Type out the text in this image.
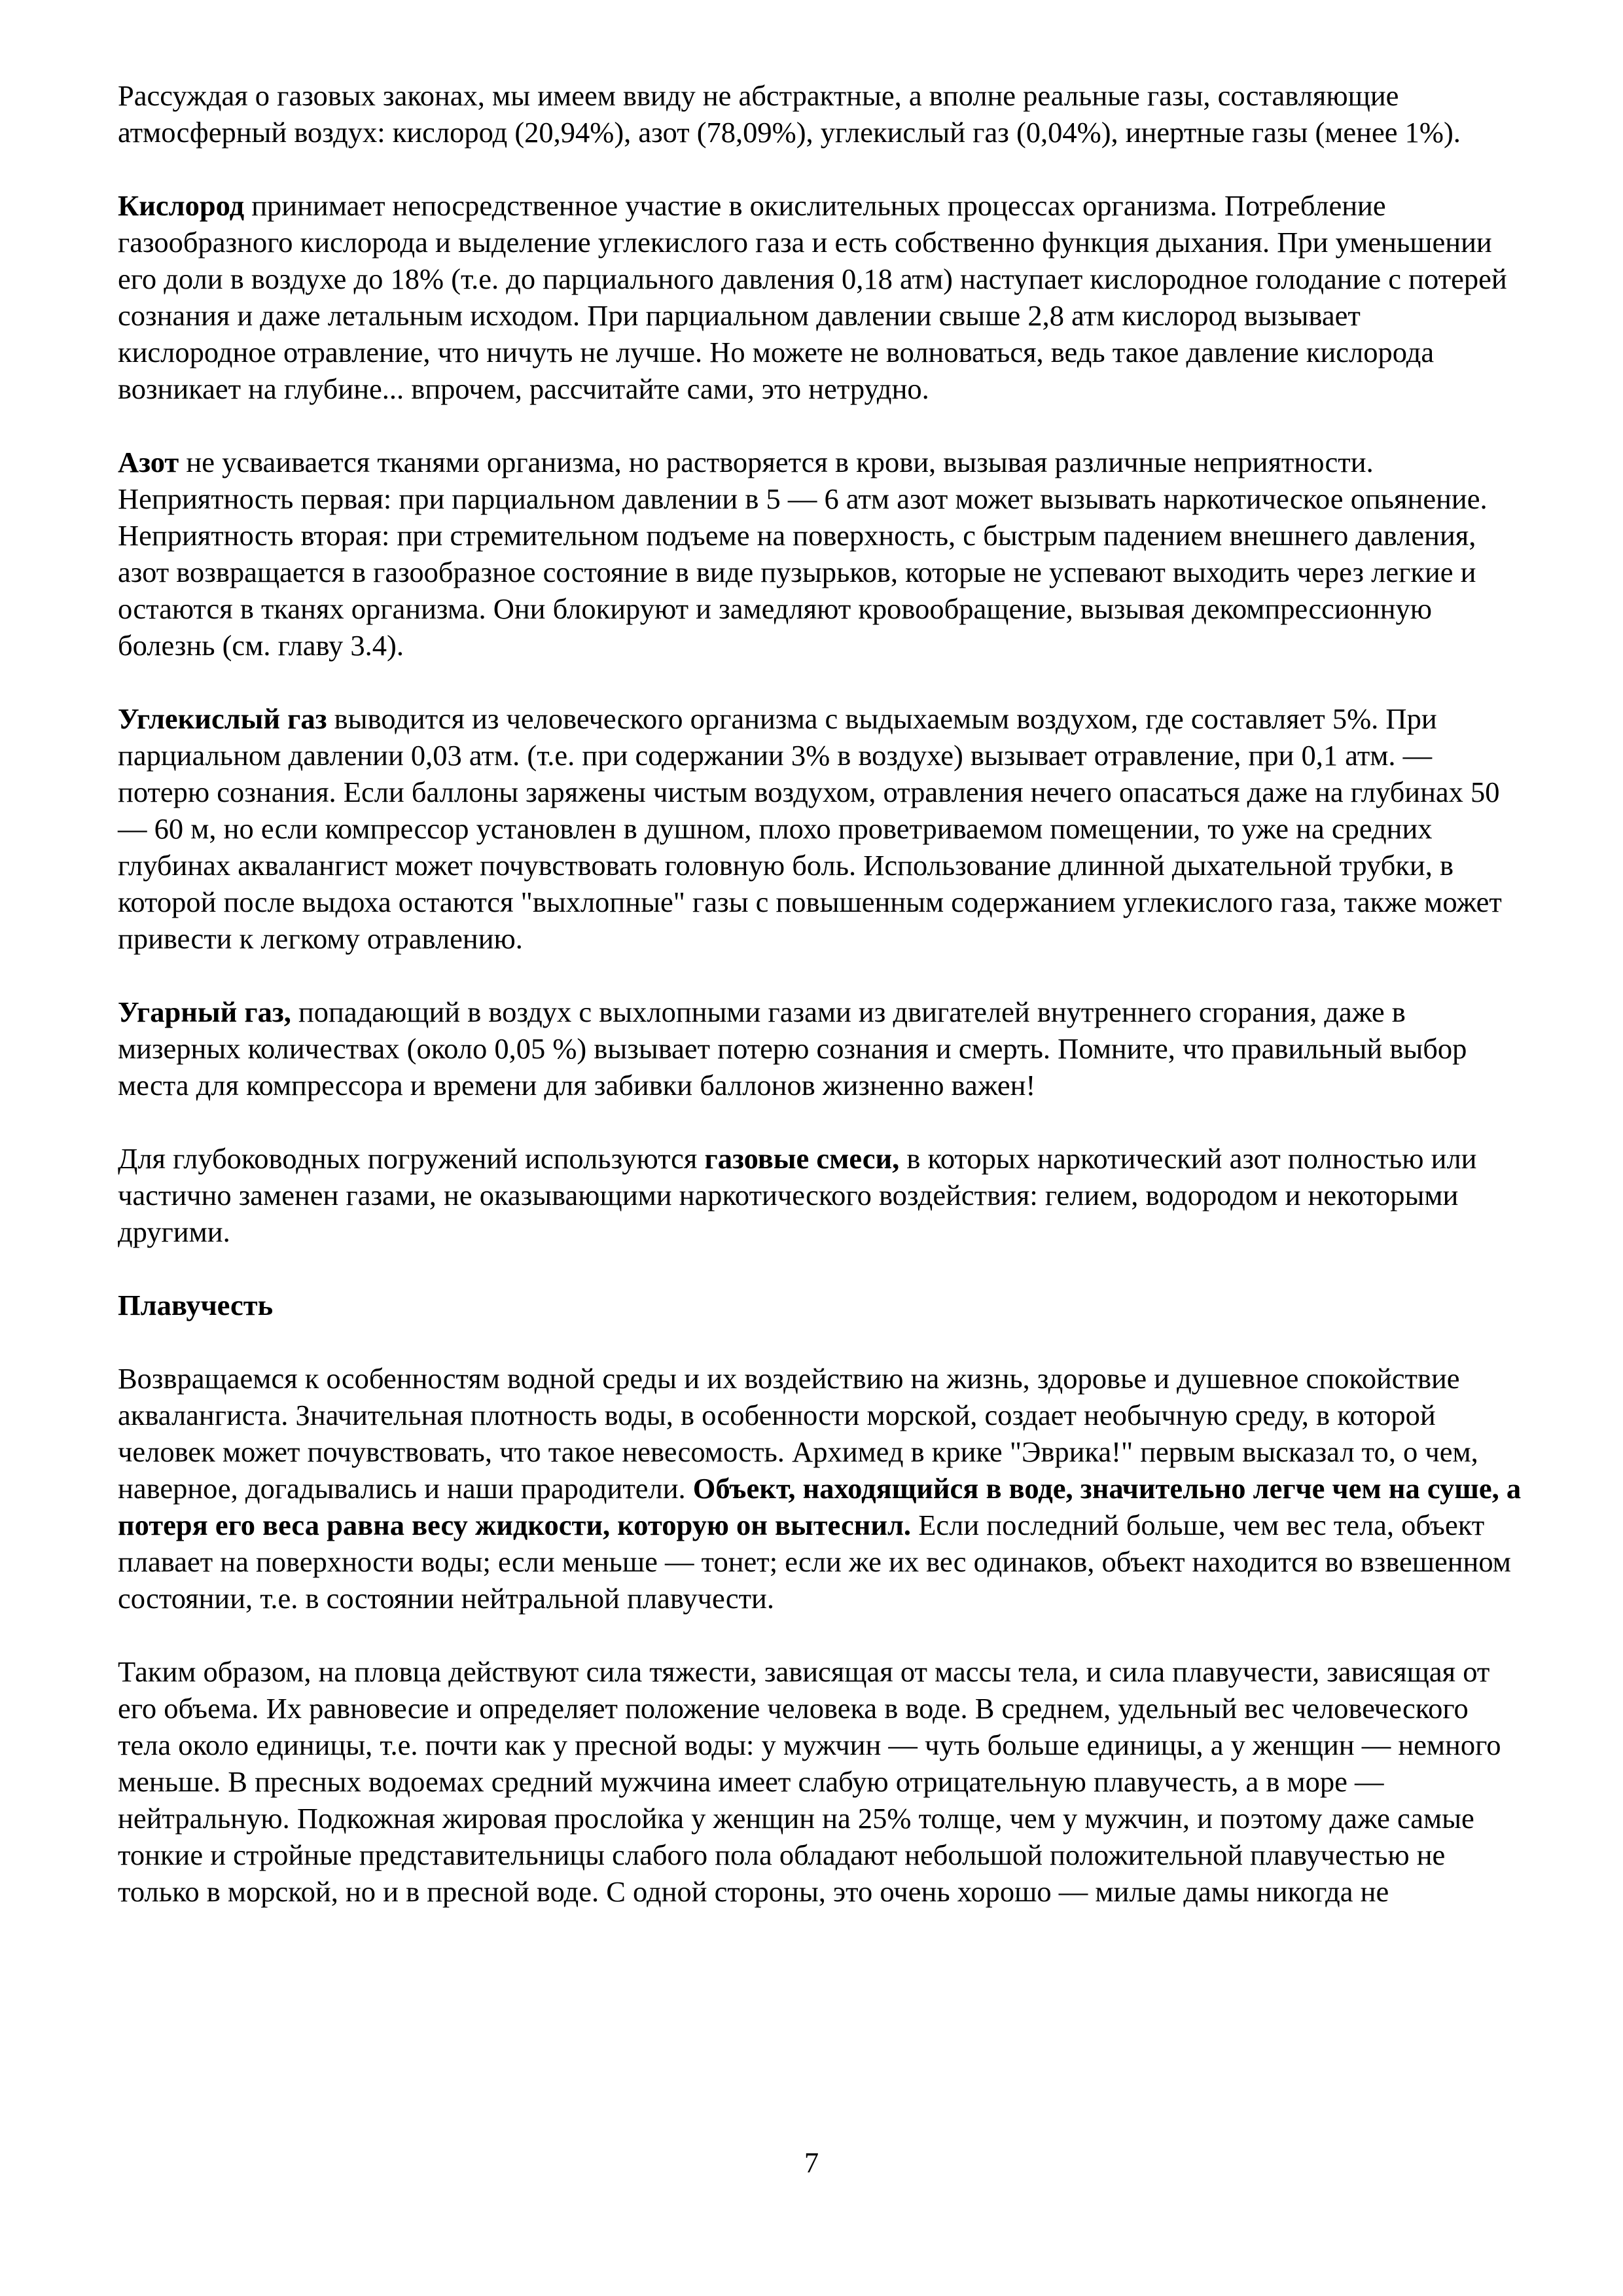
Рассуждая о газовых законах, мы имеем ввиду не абстрактные, а вполне реальные газы, составляющие атмосферный воздух: кислород (20,94%), азот (78,09%), углекислый газ (0,04%), инертные газы (менее 1%).

Кислород принимает непосредственное участие в окислительных процессах организма. Потребление газообразного кислорода и выделение углекислого газа и есть собственно функция дыхания. При уменьшении его доли в воздухе до 18% (т.е. до парциального давления 0,18 атм) наступает кислородное голодание с потерей сознания и даже летальным исходом. При парциальном давлении свыше 2,8 атм кислород вызывает кислородное отравление, что ничуть не лучше. Но можете не волноваться, ведь такое давление кислорода возникает на глубине... впрочем, рассчитайте сами, это нетрудно.

Азот не усваивается тканями организма, но растворяется в крови, вызывая различные неприятности. Неприятность первая: при парциальном давлении в 5 — 6 атм азот может вызывать наркотическое опьянение. Неприятность вторая: при стремительном подъеме на поверхность, с быстрым падением внешнего давления, азот возвращается в газообразное состояние в виде пузырьков, которые не успевают выходить через легкие и остаются в тканях организма. Они блокируют и замедляют кровообращение, вызывая декомпрессионную болезнь (см. главу 3.4).

Углекислый газ выводится из человеческого организма с выдыхаемым воздухом, где составляет 5%. При парциальном давлении 0,03 атм. (т.е. при содержании 3% в воздухе) вызывает отравление, при 0,1 атм. — потерю сознания. Если баллоны заряжены чистым воздухом, отравления нечего опасаться даже на глубинах 50 — 60 м, но если компрессор установлен в душном, плохо проветриваемом помещении, то уже на средних глубинах аквалангист может почувствовать головную боль. Использование длинной дыхательной трубки, в которой после выдоха остаются "выхлопные" газы с повышенным содержанием углекислого газа, также может привести к легкому отравлению.

Угарный газ, попадающий в воздух с выхлопными газами из двигателей внутреннего сгорания, даже в мизерных количествах (около 0,05 %) вызывает потерю сознания и смерть. Помните, что правильный выбор места для компрессора и времени для забивки баллонов жизненно важен!

Для глубоководных погружений используются газовые смеси, в которых наркотический азот полностью или частично заменен газами, не оказывающими наркотического воздействия: гелием, водородом и некоторыми другими.

Плавучесть

Возвращаемся к особенностям водной среды и их воздействию на жизнь, здоровье и душевное спокойствие аквалангиста. Значительная плотность воды, в особенности морской, создает необычную среду, в которой человек может почувствовать, что такое невесомость. Архимед в крике "Эврика!" первым высказал то, о чем, наверное, догадывались и наши прародители. Объект, находящийся в воде, значительно легче чем на суше, а потеря его веса равна весу жидкости, которую он вытеснил. Если последний больше, чем вес тела, объект плавает на поверхности воды; если меньше — тонет; если же их вес одинаков, объект находится во взвешенном состоянии, т.е. в состоянии нейтральной плавучести.

Таким образом, на пловца действуют сила тяжести, зависящая от массы тела, и сила плавучести, зависящая от его объема. Их равновесие и определяет положение человека в воде. В среднем, удельный вес человеческого тела около единицы, т.е. почти как у пресной воды: у мужчин — чуть больше единицы, а у женщин — немного меньше. В пресных водоемах средний мужчина имеет слабую отрицательную плавучесть, а в море — нейтральную. Подкожная жировая прослойка у женщин на 25% толще, чем у мужчин, и поэтому даже самые тонкие и стройные представительницы слабого пола обладают небольшой положительной плавучестью не только в морской, но и в пресной воде. С одной стороны, это очень хорошо — милые дамы никогда не

7
